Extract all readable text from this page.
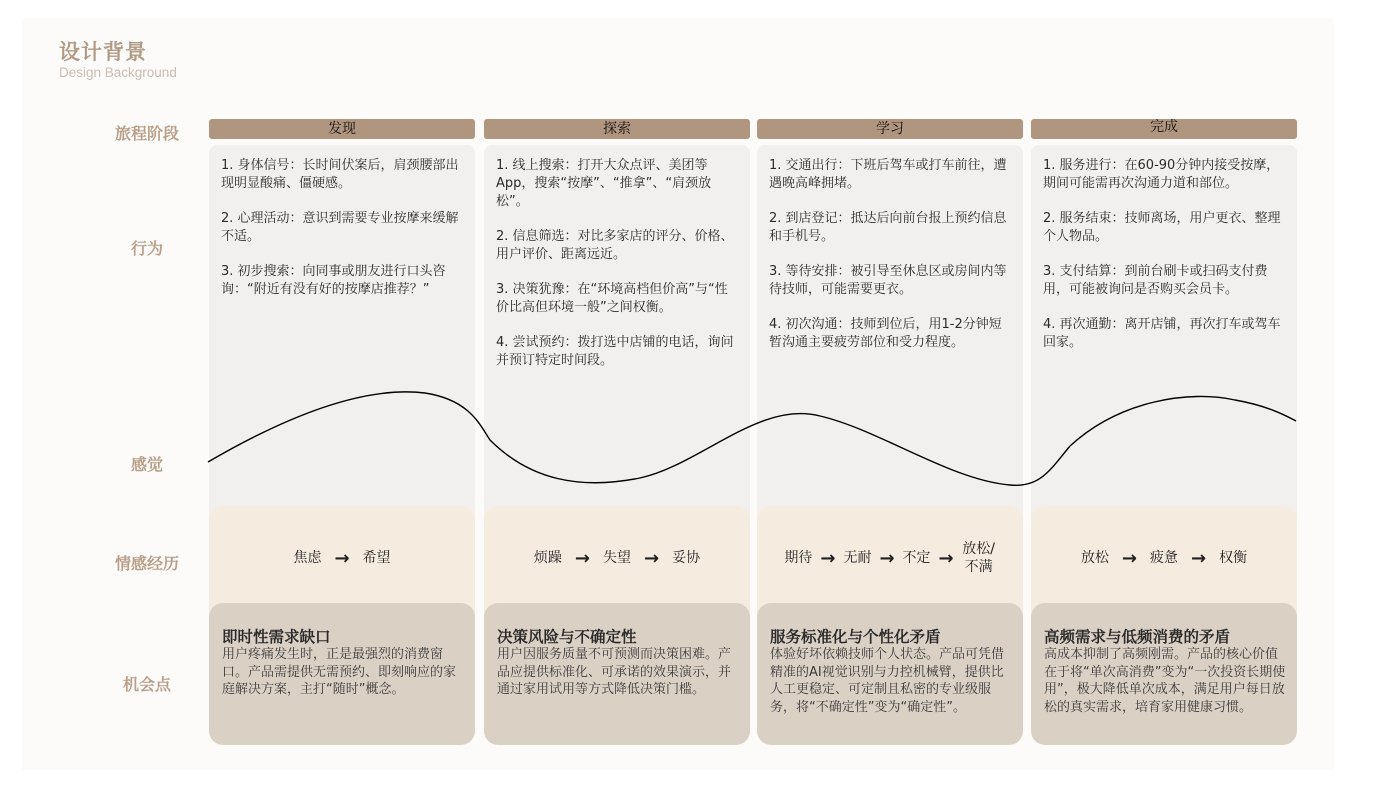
设计背景
Design Background
旅程阶段
行为
感觉
情感经历
机会点
发现

1. 身体信号：长时间伏案后，肩颈腰部出现明显酸痛、僵硬感。

2. 心理活动：意识到需要专业按摩来缓解不适。

3. 初步搜索：向同事或朋友进行口头咨询：“附近有没有好的按摩店推荐？”

焦虑 → 希望
即时性需求缺口
用户疼痛发生时，正是最强烈的消费窗口。产品需提供无需预约、即刻响应的家庭解决方案，主打“随时”概念。
探索

1. 线上搜索：打开大众点评、美团等App，搜索“按摩”、“推拿”、“肩颈放松”。

2. 信息筛选：对比多家店的评分、价格、用户评价、距离远近。

3. 决策犹豫：在“环境高档但价高”与“性价比高但环境一般”之间权衡。

4. 尝试预约：拨打选中店铺的电话，询问并预订特定时间段。

烦躁 → 失望 → 妥协
决策风险与不确定性
用户因服务质量不可预测而决策困难。产品应提供标准化、可承诺的效果演示，并通过家用试用等方式降低决策门槛。
学习

1. 交通出行：下班后驾车或打车前往，遭遇晚高峰拥堵。

2. 到店登记：抵达后向前台报上预约信息和手机号。

3. 等待安排：被引导至休息区或房间内等待技师，可能需要更衣。

4. 初次沟通：技师到位后，用1-2分钟短暂沟通主要疲劳部位和受力程度。

期待 → 无耐 → 不定 → 放松/不满
服务标准化与个性化矛盾
体验好坏依赖技师个人状态。产品可凭借精准的AI视觉识别与力控机械臂，提供比人工更稳定、可定制且私密的专业级服务，将“不确定性”变为“确定性”。
完成

1. 服务进行：在60-90分钟内接受按摩，期间可能需再次沟通力道和部位。

2. 服务结束：技师离场，用户更衣、整理个人物品。

3. 支付结算：到前台刷卡或扫码支付费用，可能被询问是否购买会员卡。

4. 再次通勤：离开店铺，再次打车或驾车回家。

放松 → 疲惫 → 权衡
高频需求与低频消费的矛盾
高成本抑制了高频刚需。产品的核心价值在于将“单次高消费”变为“一次投资长期使用”，极大降低单次成本，满足用户每日放松的真实需求，培育家用健康习惯。
